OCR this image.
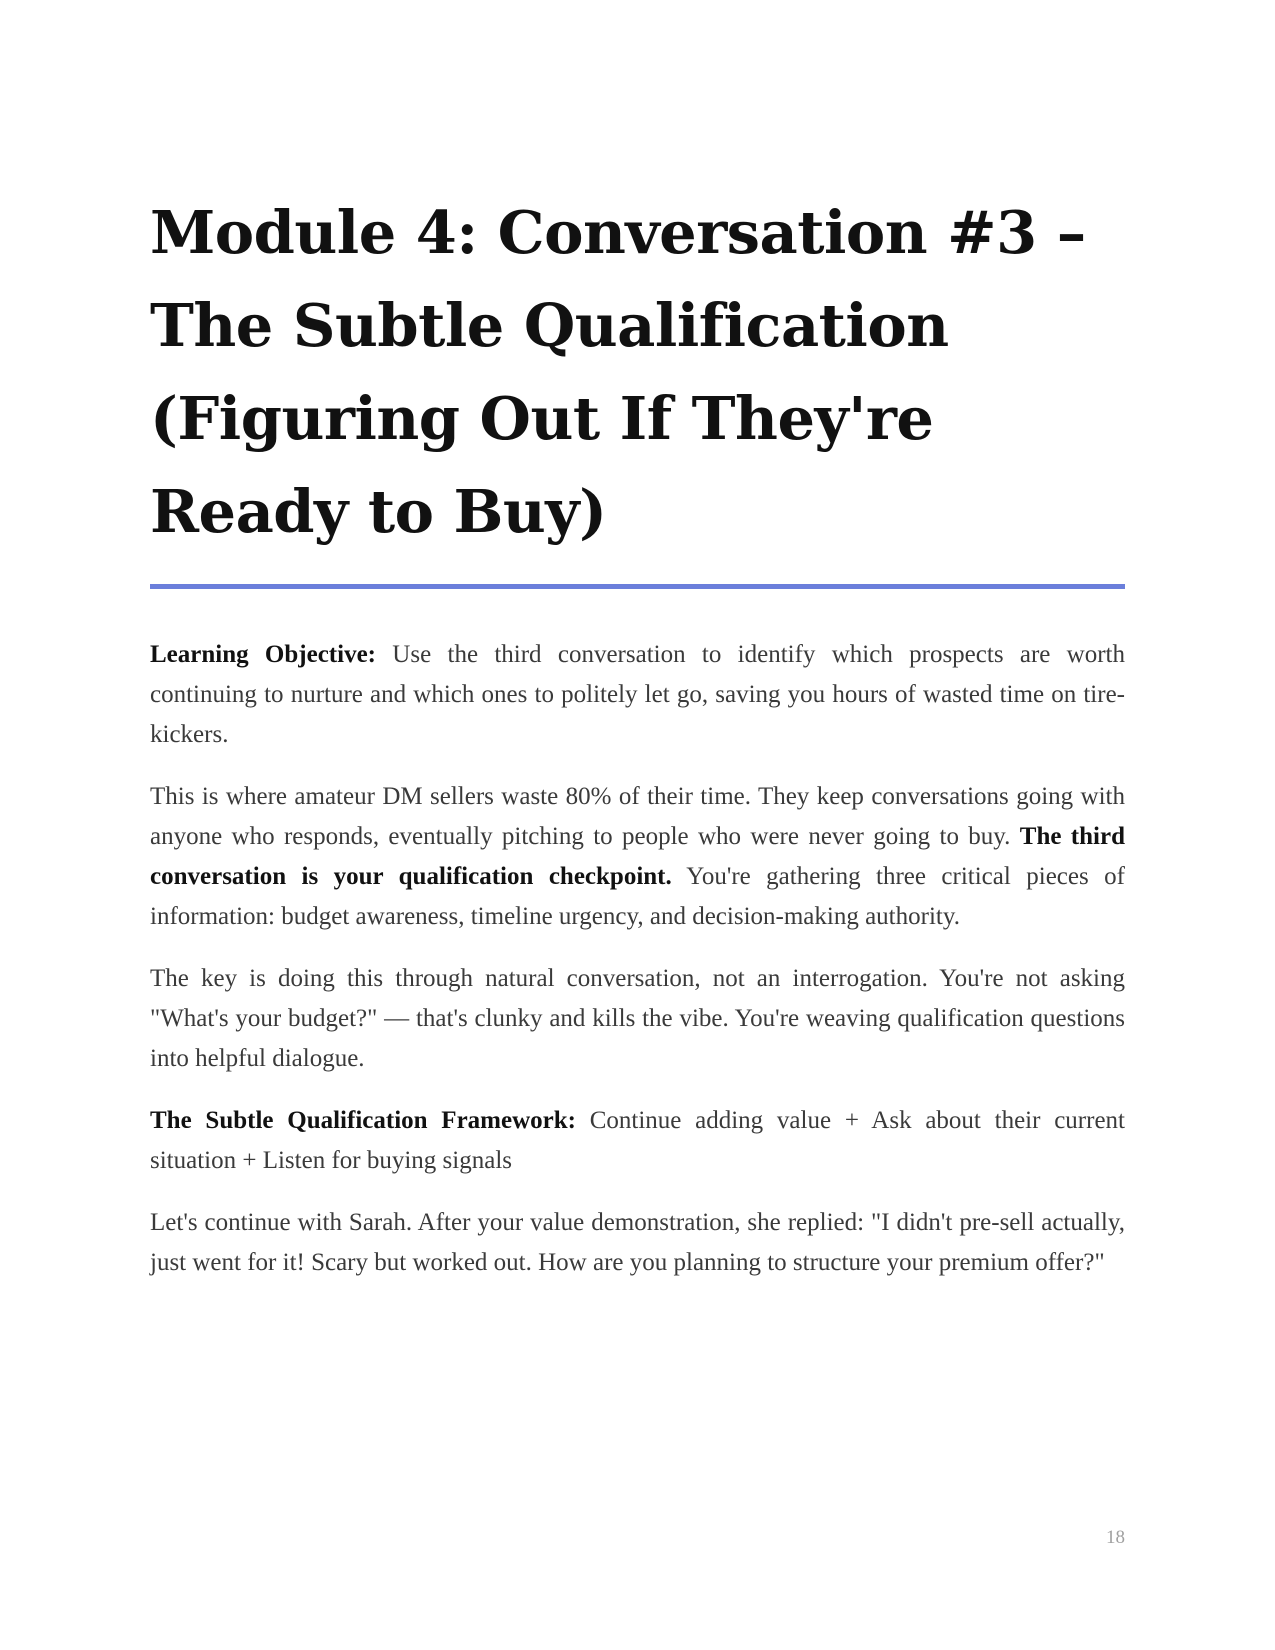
Module 4: Conversation #3 – The Subtle Qualification (Figuring Out If They're Ready to Buy)

Learning Objective: Use the third conversation to identify which prospects are worth continuing to nurture and which ones to politely let go, saving you hours of wasted time on tire-kickers.

This is where amateur DM sellers waste 80% of their time. They keep conversations going with anyone who responds, eventually pitching to people who were never going to buy. The third conversation is your qualification checkpoint. You're gathering three critical pieces of information: budget awareness, timeline urgency, and decision-making authority.

The key is doing this through natural conversation, not an interrogation. You're not asking "What's your budget?" — that's clunky and kills the vibe. You're weaving qualification questions into helpful dialogue.

The Subtle Qualification Framework: Continue adding value + Ask about their current situation + Listen for buying signals

Let's continue with Sarah. After your value demonstration, she replied: "I didn't pre-sell actually, just went for it! Scary but worked out. How are you planning to structure your premium offer?"

18
